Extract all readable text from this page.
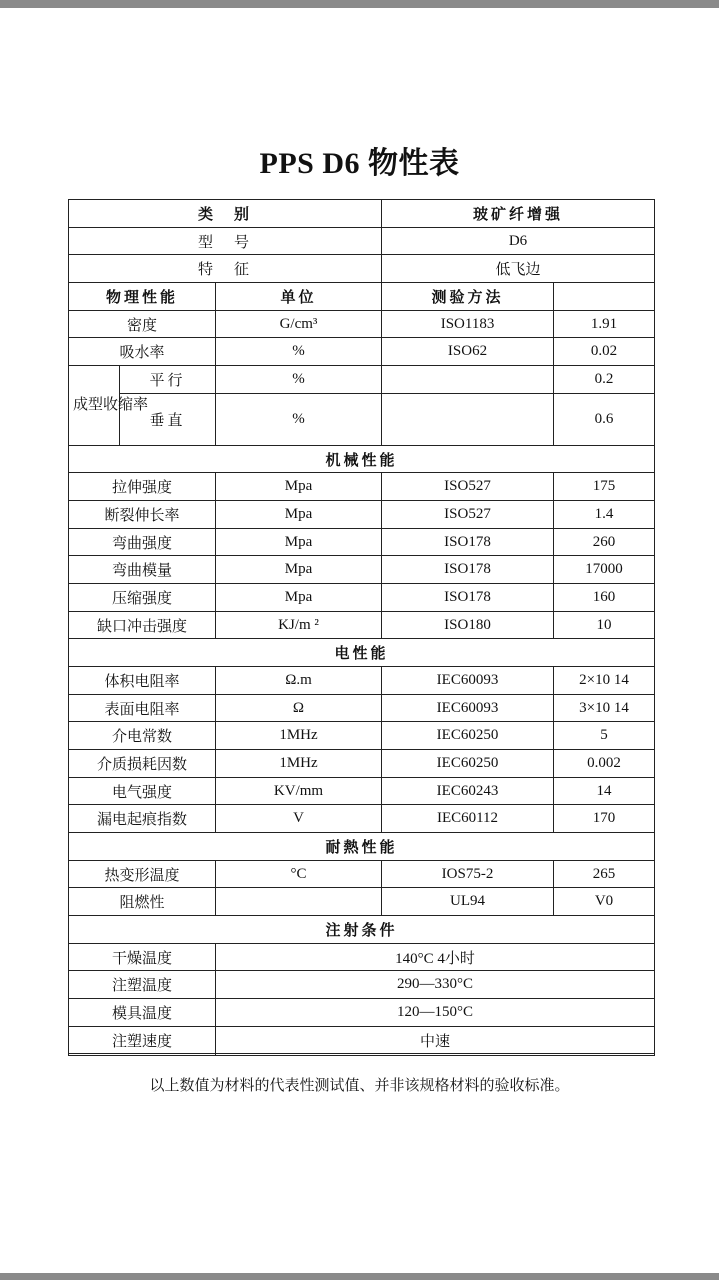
PPS D6 物性表
类　别			玻矿纤增强	
型　号			D6	
特　征			低飞边	
物理性能		单位	测验方法	
密度		G/cm³	ISO1183	1.91
吸水率		%	ISO62	0.02
成型收缩率	平行	%		0.2
	垂直	%		0.6
机械性能				
拉伸强度		Mpa	ISO527	175
断裂伸长率		Mpa	ISO527	1.4
弯曲强度		Mpa	ISO178	260
弯曲模量		Mpa	ISO178	17000
压缩强度		Mpa	ISO178	160
缺口冲击强度		KJ/m ²	ISO180	10
电性能				
体积电阻率		Ω.m	IEC60093	2×10 14
表面电阻率		Ω	IEC60093	3×10 14
介电常数		1MHz	IEC60250	5
介质损耗因数		1MHz	IEC60250	0.002
电气强度		KV/mm	IEC60243	14
漏电起痕指数		V	IEC60112	170
耐熱性能				
热变形温度		°C	IOS75-2	265
阻燃性			UL94	V0
注射条件				
干燥温度		140°C 4小时		
注塑温度		290—330°C		
模具温度		120—150°C		
注塑速度		中速		

以上数值为材料的代表性测试值、并非该规格材料的验收标准。
